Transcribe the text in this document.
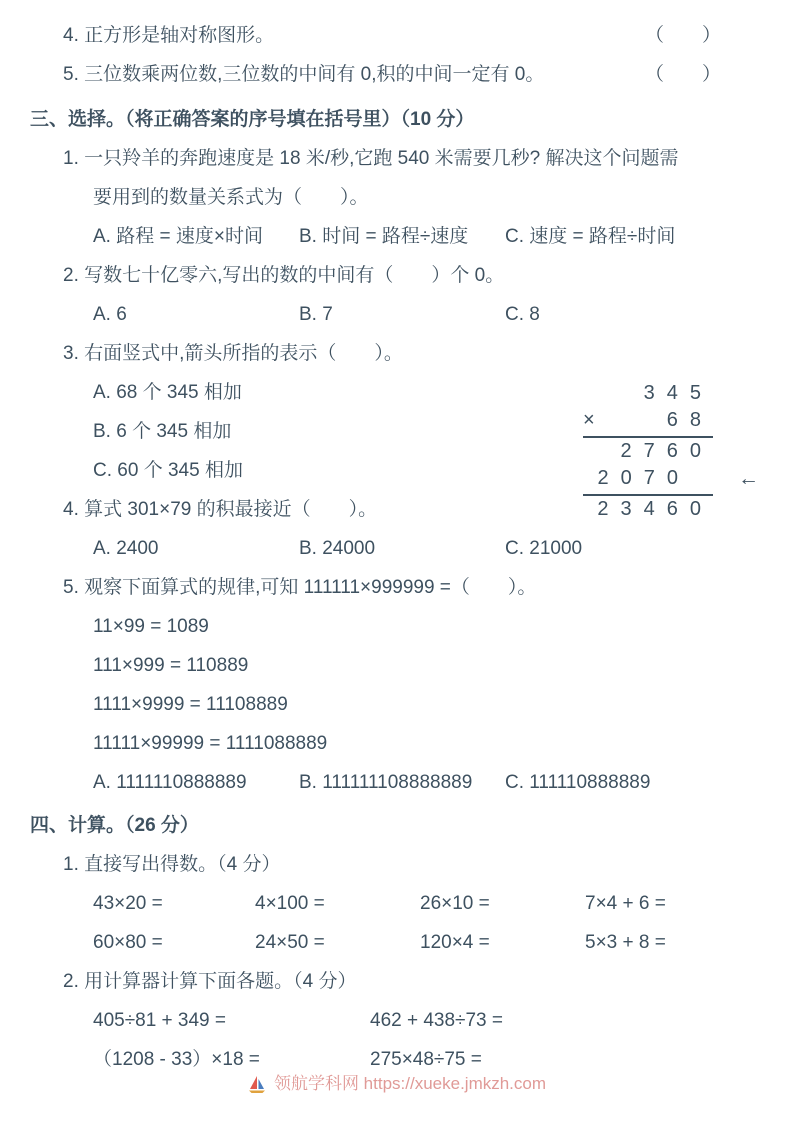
4. 正方形是轴对称图形。	（　　）
5. 三位数乘两位数,三位数的中间有 0,积的中间一定有 0。	（　　）
三、选择。（将正确答案的序号填在括号里）（10 分）
1. 一只羚羊的奔跑速度是 18 米/秒,它跑 540 米需要几秒? 解决这个问题需
要用到的数量关系式为（　　）。
A. 路程 = 速度×时间	B. 时间 = 路程÷速度	C. 速度 = 路程÷时间
2. 写数七十亿零六,写出的数的中间有（　　）个 0。
A. 6	B. 7	C. 8
3. 右面竖式中,箭头所指的表示（　　）。
A. 68 个 345 相加
B. 6 个 345 相加
C. 60 个 345 相加
345
×	68
2760
2070 ←
23460
4. 算式 301×79 的积最接近（　　）。
A. 2400	B. 24000	C. 21000
5. 观察下面算式的规律,可知 111111×999999 =（　　）。
11×99 = 1089
111×999 = 110889
1111×9999 = 11108889
11111×99999 = 1111088889
A. 1111110888889	B. 111111108888889	C. 111110888889
四、计算。（26 分）
1. 直接写出得数。（4 分）
43×20 =	4×100 =	26×10 =	7×4 + 6 =
60×80 =	24×50 =	120×4 =	5×3 + 8 =
2. 用计算器计算下面各题。（4 分）
405÷81 + 349 =	462 + 438÷73 =
（1208 - 33）×18 =	275×48÷75 =
领航学科网 https://xueke.jmkzh.com
